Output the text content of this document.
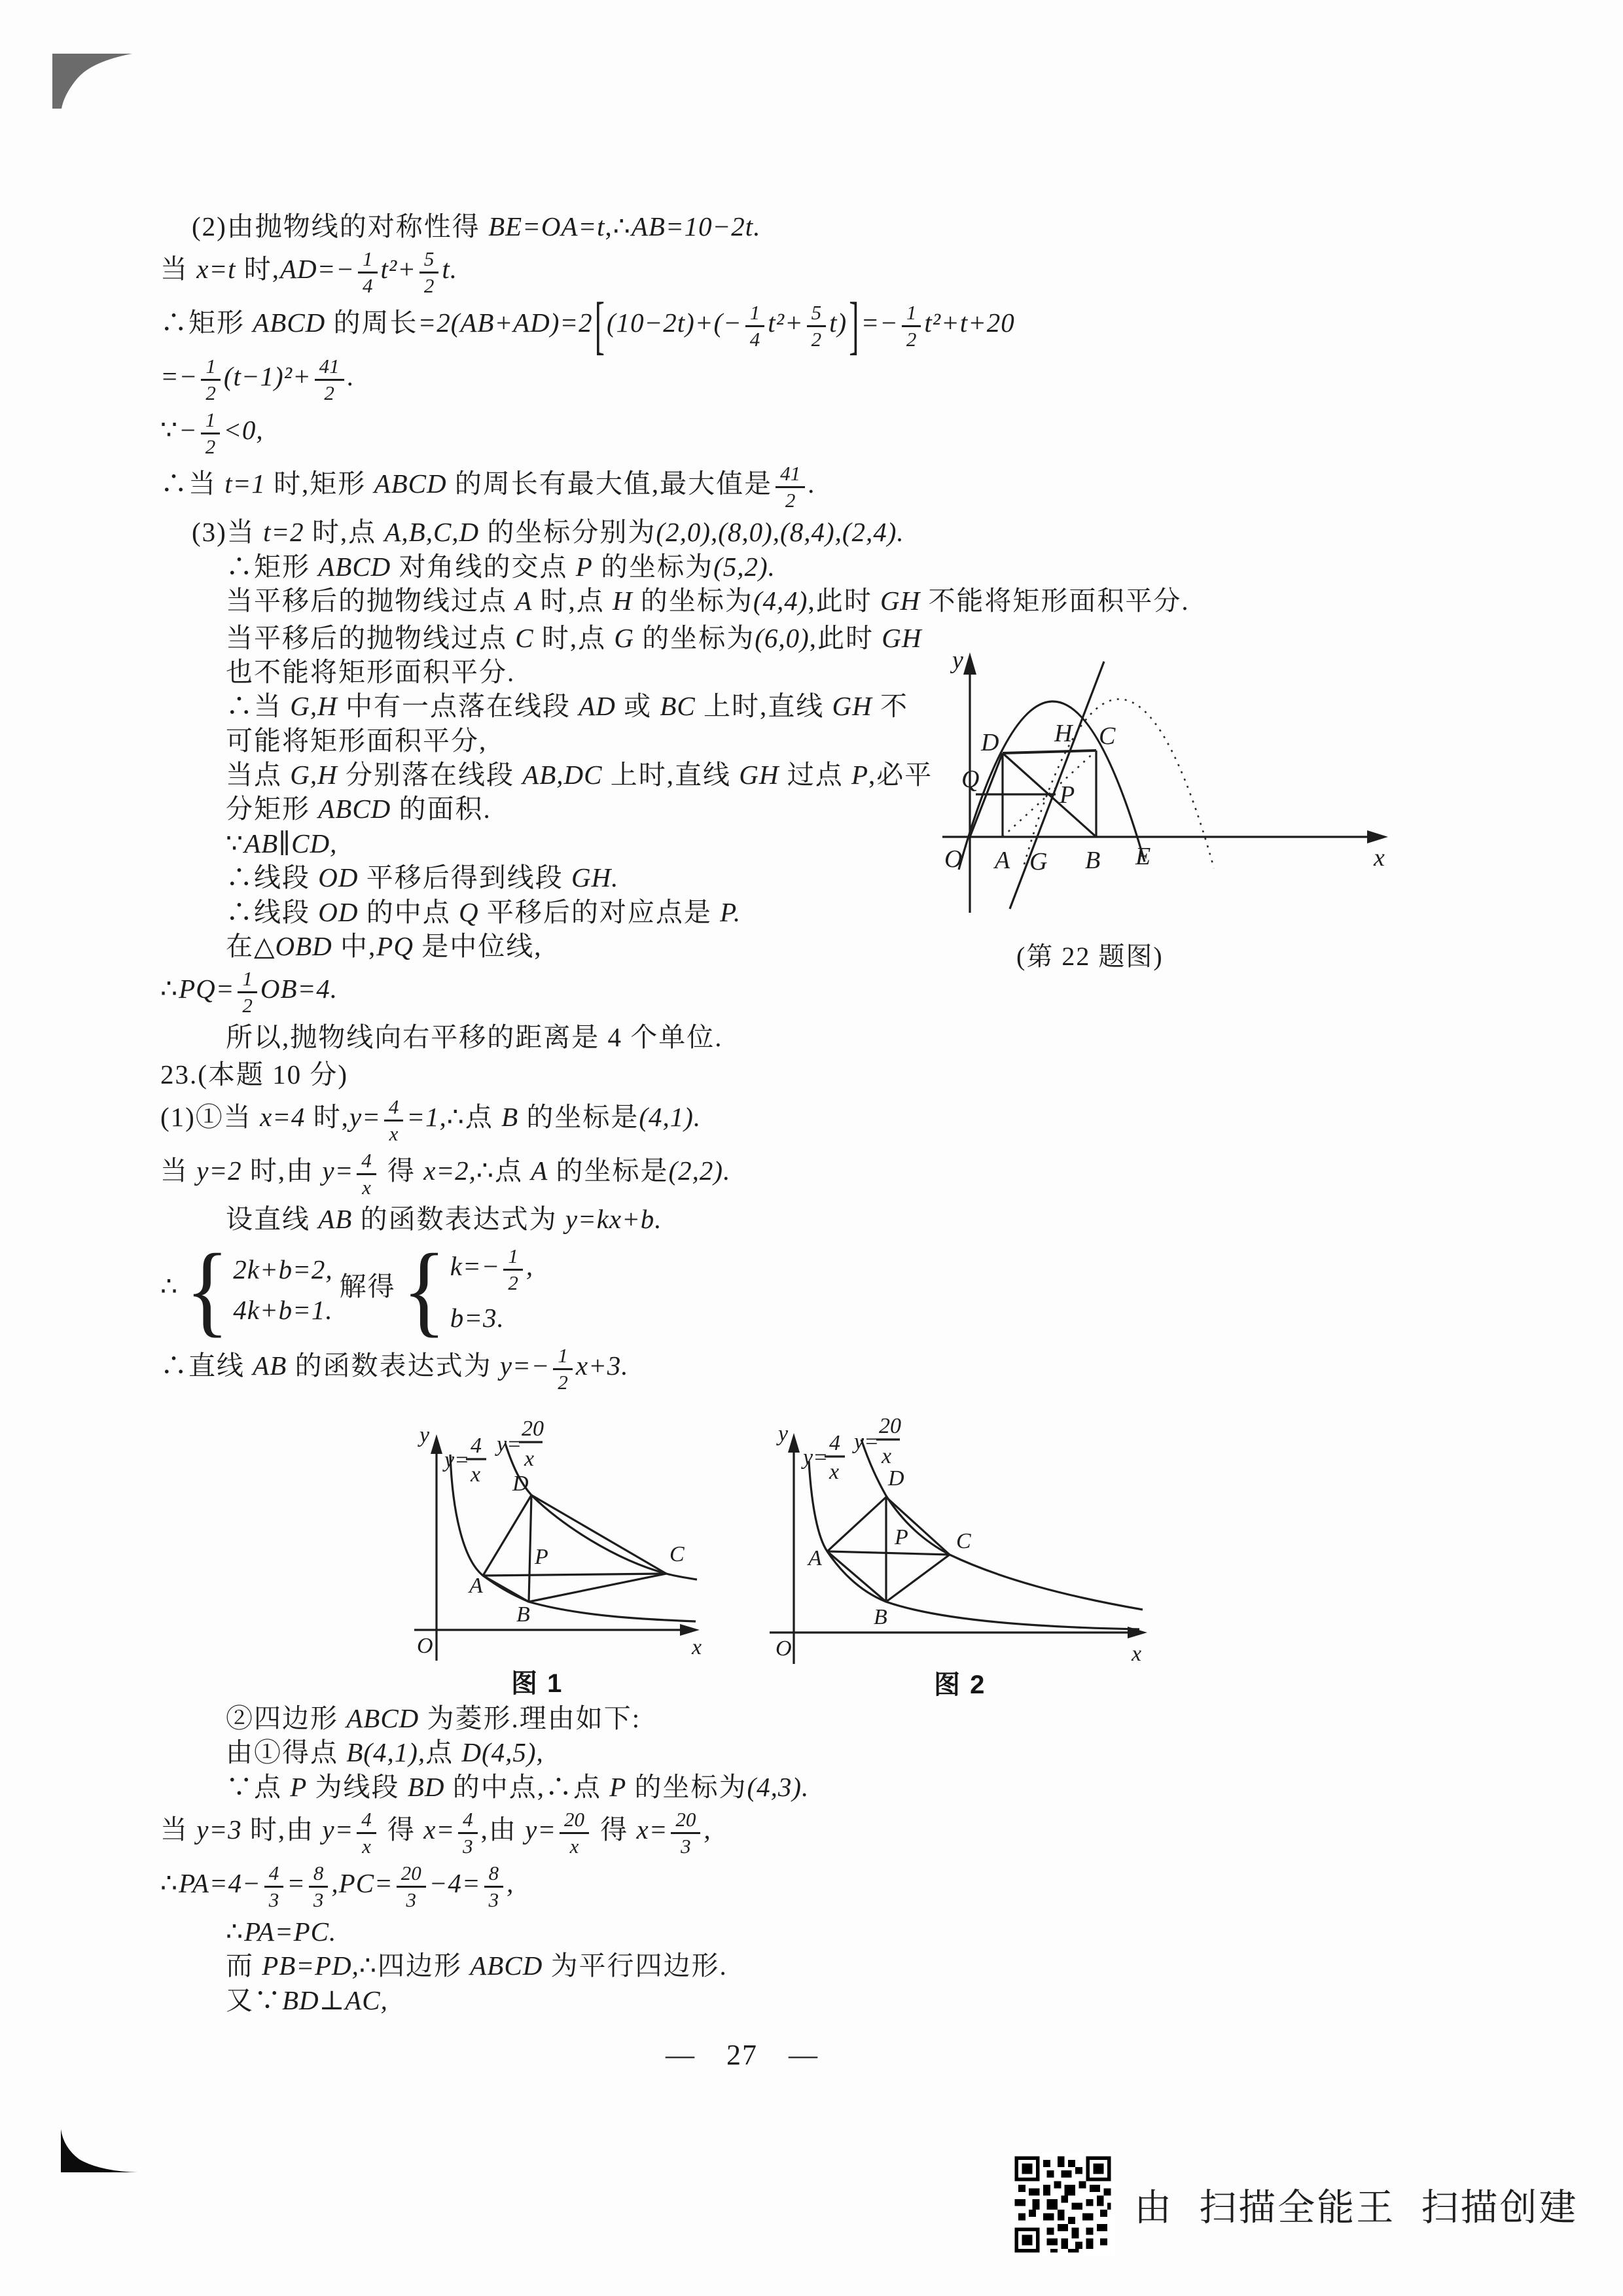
(2)由抛物线的对称性得 BE=OA=t,∴AB=10−2t.
当 x=t 时$,AD=- \frac{1}{4} t^2+ \frac{5}{2} t$.
∴矩形 ABCD 的周长$=2(AB+AD)=2[(10-2t)+(- \frac{1}{4} t^2+ \frac{5}{2} t)]=- \frac{1}{2} t^2+t+20$
=− $\frac{1}{2} (t-1)^2+ \frac{41}{2}$ .
∵− $\frac{1}{2} <0$,
∴当 t=1 时,矩形 ABCD 的周长有最大值,最大值是 $\frac{41}{2}$ .
(3)当 t=2 时,点 A,B,C,D 的坐标分别为(2,0),(8,0),(8,4),(2,4).
∴矩形 ABCD 对角线的交点 P 的坐标为(5,2).
当平移后的抛物线过点 A 时,点 H 的坐标为(4,4),此时 GH 不能将矩形面积平分.
当平移后的抛物线过点 C 时,点 G 的坐标为(6,0),此时 GH
也不能将矩形面积平分.
∴当 G,H 中有一点落在线段 AD 或 BC 上时,直线 GH 不
可能将矩形面积平分,
当点 G,H 分别落在线段 AB,DC 上时,直线 GH 过点 P,必平
分矩形 ABCD 的面积.
∵AB∥CD,
∴线段 OD 平移后得到线段 GH.
∴线段 OD 的中点 Q 平移后的对应点是 P.
在△OBD 中,PQ 是中位线,
∴PQ= $\frac{1}{2} OB=4$.
所以,抛物线向右平移的距离是 4 个单位.
O A G B E	x
y
D H C
Q
P
(第 22 题图)
23.(本题 10 分)
(1)①当 x=4 时$,y= \frac{4}{x}$ =1,∴点 B 的坐标是(4,1).
当 y=2 时,由 $y= \frac{4}{x}$ 得 x=2,∴点 A 的坐标是(2,2).
设直线 AB 的函数表达式为 y=kx+b.
∴ { 2k+b=2,
4k+b=1.
解得 { $k=- \frac{1}{2}$ ,
b=3.
∴直线 AB 的函数表达式为 $y=- \frac{1}{2} x+3$.
y
O
A
B
C
D
P
x
y=
4
x
y=
20
x
图 1
y
O
A
B
C
D
P
x
y=
4
x
y=
20
x
图 2
②四边形 ABCD 为菱形.理由如下:
由①得点 B(4,1),点 D(4,5),
∵点 P 为线段 BD 的中点,∴点 P 的坐标为(4,3).
当 y=3 时,由 $y= \frac{4}{x}$ 得 $x= \frac{4}{3}$ ,由 $y= \frac{20}{x}$ 得 $x= \frac{20}{3}$ ,
∴PA=4− $\frac{4}{3} = \frac{8}{3} ,PC= \frac{20}{3} -4= \frac{8}{3}$ ,
∴PA=PC.
而 PB=PD,∴四边形 ABCD 为平行四边形.
又∵BD⊥AC,
— 27 —
由 扫描全能王 扫描创建
